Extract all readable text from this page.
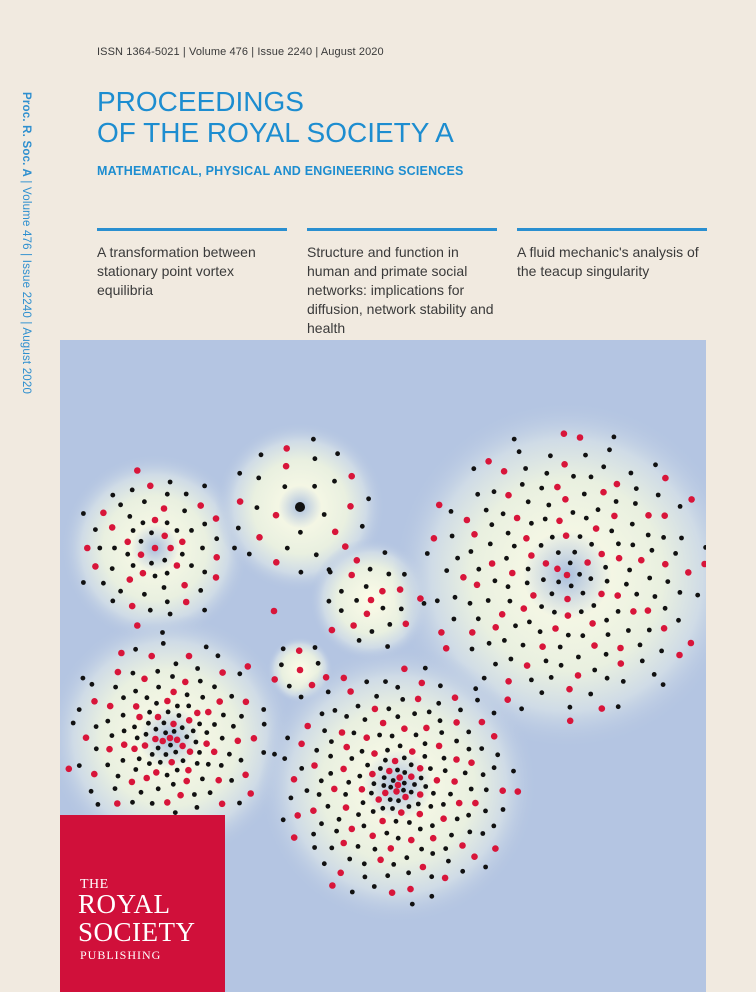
ISSN 1364-5021 | Volume 476 | Issue 2240 | August 2020
Proc. R. Soc. A | Volume 476 | Issue 2240 | August 2020
PROCEEDINGS
OF THE ROYAL SOCIETY A
MATHEMATICAL, PHYSICAL AND ENGINEERING SCIENCES
A transformation between stationary point vortex equilibria
Structure and function in human and primate social networks: implications for diffusion, network stability and health
A fluid mechanic's analysis of the teacup singularity
THE
ROYAL
SOCIETY
PUBLISHING
